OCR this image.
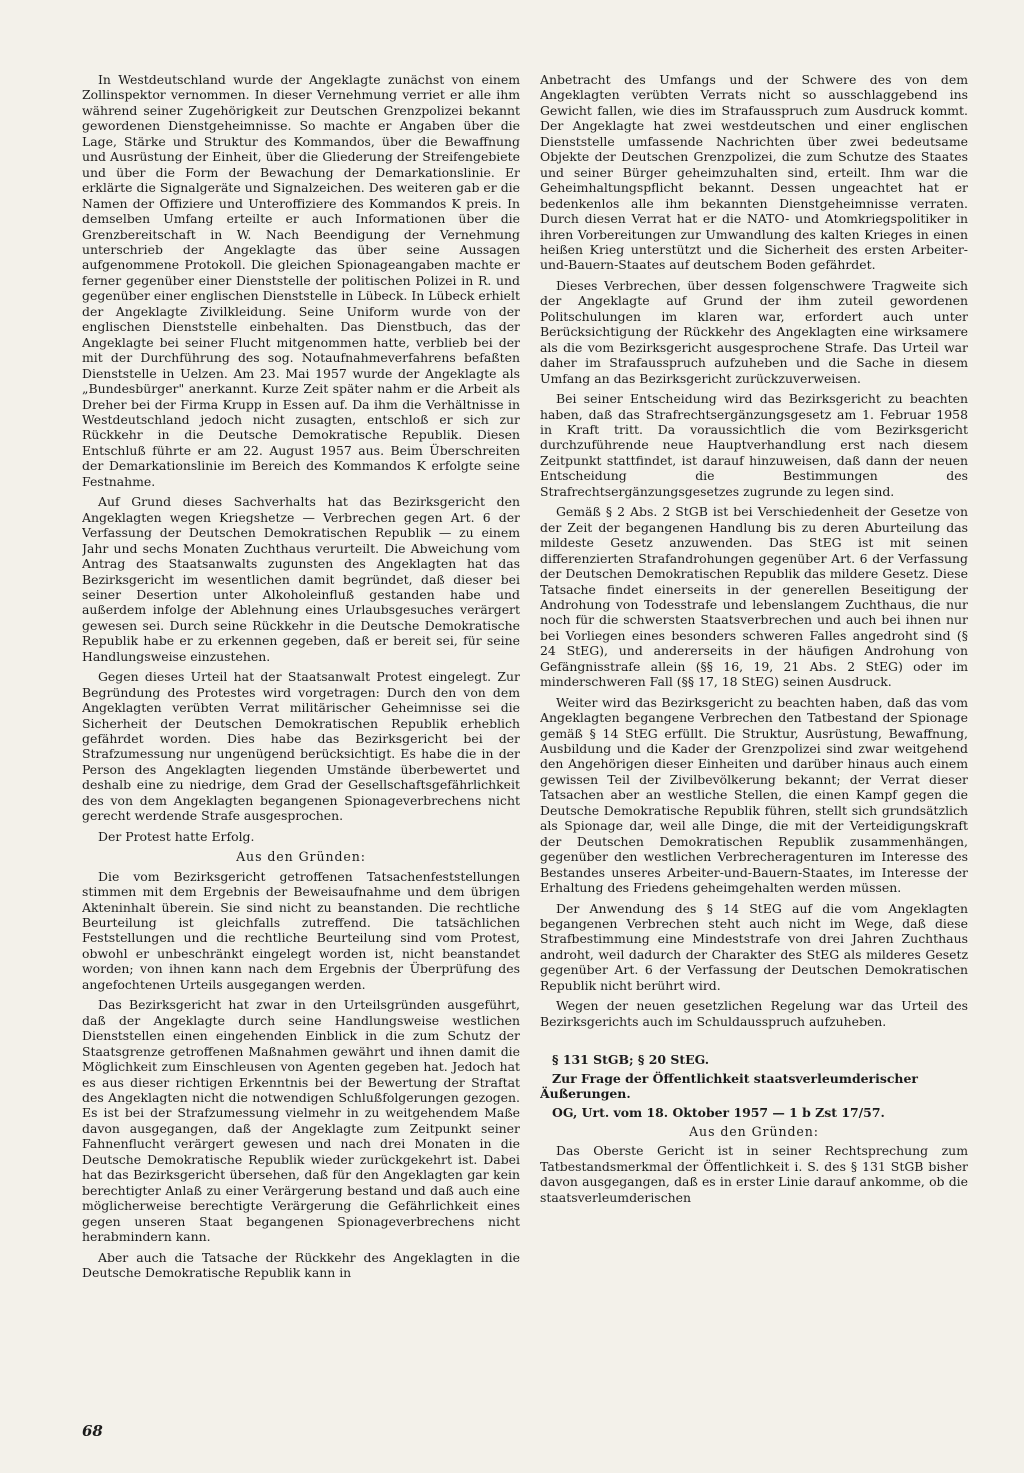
In Westdeutschland wurde der Angeklagte zunächst von einem Zollinspektor vernommen. In dieser Vernehmung verriet er alle ihm während seiner Zugehörigkeit zur Deutschen Grenzpolizei bekannt gewordenen Dienstgeheimnisse. So machte er Angaben über die Lage, Stärke und Struktur des Kommandos, über die Bewaffnung und Ausrüstung der Einheit, über die Gliederung der Streifengebiete und über die Form der Bewachung der Demarkationslinie. Er erklärte die Signalgeräte und Signalzeichen. Des weiteren gab er die Namen der Offiziere und Unteroffiziere des Kommandos K preis. In demselben Umfang erteilte er auch Informationen über die Grenzbereitschaft in W. Nach Beendigung der Vernehmung unterschrieb der Angeklagte das über seine Aussagen aufgenommene Protokoll. Die gleichen Spionageangaben machte er ferner gegenüber einer Dienststelle der politischen Polizei in R. und gegenüber einer englischen Dienststelle in Lübeck. In Lübeck erhielt der Angeklagte Zivilkleidung. Seine Uniform wurde von der englischen Dienststelle einbehalten. Das Dienstbuch, das der Angeklagte bei seiner Flucht mitgenommen hatte, verblieb bei der mit der Durchführung des sog. Notaufnahmeverfahrens befaßten Dienststelle in Uelzen. Am 23. Mai 1957 wurde der Angeklagte als „Bundesbürger" anerkannt. Kurze Zeit später nahm er die Arbeit als Dreher bei der Firma Krupp in Essen auf. Da ihm die Verhältnisse in Westdeutschland jedoch nicht zusagten, entschloß er sich zur Rückkehr in die Deutsche Demokratische Republik. Diesen Entschluß führte er am 22. August 1957 aus. Beim Überschreiten der Demarkationslinie im Bereich des Kommandos K erfolgte seine Festnahme.

Auf Grund dieses Sachverhalts hat das Bezirksgericht den Angeklagten wegen Kriegshetze — Verbrechen gegen Art. 6 der Verfassung der Deutschen Demokratischen Republik — zu einem Jahr und sechs Monaten Zuchthaus verurteilt. Die Abweichung vom Antrag des Staatsanwalts zugunsten des Angeklagten hat das Bezirksgericht im wesentlichen damit begründet, daß dieser bei seiner Desertion unter Alkoholeinfluß gestanden habe und außerdem infolge der Ablehnung eines Urlaubsgesuches verärgert gewesen sei. Durch seine Rückkehr in die Deutsche Demokratische Republik habe er zu erkennen gegeben, daß er bereit sei, für seine Handlungsweise einzustehen.

Gegen dieses Urteil hat der Staatsanwalt Protest eingelegt. Zur Begründung des Protestes wird vorgetragen: Durch den von dem Angeklagten verübten Verrat militärischer Geheimnisse sei die Sicherheit der Deutschen Demokratischen Republik erheblich gefährdet worden. Dies habe das Bezirksgericht bei der Strafzumessung nur ungenügend berücksichtigt. Es habe die in der Person des Angeklagten liegenden Umstände überbewertet und deshalb eine zu niedrige, dem Grad der Gesellschaftsgefährlichkeit des von dem Angeklagten begangenen Spionageverbrechens nicht gerecht werdende Strafe ausgesprochen.

Der Protest hatte Erfolg.

Aus den Gründen:

Die vom Bezirksgericht getroffenen Tatsachenfeststellungen stimmen mit dem Ergebnis der Beweisaufnahme und dem übrigen Akteninhalt überein. Sie sind nicht zu beanstanden. Die rechtliche Beurteilung ist gleichfalls zutreffend. Die tatsächlichen Feststellungen und die rechtliche Beurteilung sind vom Protest, obwohl er unbeschränkt eingelegt worden ist, nicht beanstandet worden; von ihnen kann nach dem Ergebnis der Überprüfung des angefochtenen Urteils ausgegangen werden.

Das Bezirksgericht hat zwar in den Urteilsgründen ausgeführt, daß der Angeklagte durch seine Handlungsweise westlichen Dienststellen einen eingehenden Einblick in die zum Schutz der Staatsgrenze getroffenen Maßnahmen gewährt und ihnen damit die Möglichkeit zum Einschleusen von Agenten gegeben hat. Jedoch hat es aus dieser richtigen Erkenntnis bei der Bewertung der Straftat des Angeklagten nicht die notwendigen Schlußfolgerungen gezogen. Es ist bei der Strafzumessung vielmehr in zu weitgehendem Maße davon ausgegangen, daß der Angeklagte zum Zeitpunkt seiner Fahnenflucht verärgert gewesen und nach drei Monaten in die Deutsche Demokratische Republik wieder zurückgekehrt ist. Dabei hat das Bezirksgericht übersehen, daß für den Angeklagten gar kein berechtigter Anlaß zu einer Verärgerung bestand und daß auch eine möglicherweise berechtigte Verärgerung die Gefährlichkeit eines gegen unseren Staat begangenen Spionageverbrechens nicht herabmindern kann.

Aber auch die Tatsache der Rückkehr des Angeklagten in die Deutsche Demokratische Republik kann in

Anbetracht des Umfangs und der Schwere des von dem Angeklagten verübten Verrats nicht so ausschlaggebend ins Gewicht fallen, wie dies im Strafausspruch zum Ausdruck kommt. Der Angeklagte hat zwei westdeutschen und einer englischen Dienststelle umfassende Nachrichten über zwei bedeutsame Objekte der Deutschen Grenzpolizei, die zum Schutze des Staates und seiner Bürger geheimzuhalten sind, erteilt. Ihm war die Geheimhaltungspflicht bekannt. Dessen ungeachtet hat er bedenkenlos alle ihm bekannten Dienstgeheimnisse verraten. Durch diesen Verrat hat er die NATO- und Atomkriegspolitiker in ihren Vorbereitungen zur Umwandlung des kalten Krieges in einen heißen Krieg unterstützt und die Sicherheit des ersten Arbeiter-und-Bauern-Staates auf deutschem Boden gefährdet.

Dieses Verbrechen, über dessen folgenschwere Tragweite sich der Angeklagte auf Grund der ihm zuteil gewordenen Politschulungen im klaren war, erfordert auch unter Berücksichtigung der Rückkehr des Angeklagten eine wirksamere als die vom Bezirksgericht ausgesprochene Strafe. Das Urteil war daher im Strafausspruch aufzuheben und die Sache in diesem Umfang an das Bezirksgericht zurückzuverweisen.

Bei seiner Entscheidung wird das Bezirksgericht zu beachten haben, daß das Strafrechtsergänzungsgesetz am 1. Februar 1958 in Kraft tritt. Da voraussichtlich die vom Bezirksgericht durchzuführende neue Hauptverhandlung erst nach diesem Zeitpunkt stattfindet, ist darauf hinzuweisen, daß dann der neuen Entscheidung die Bestimmungen des Strafrechtsergänzungsgesetzes zugrunde zu legen sind.

Gemäß § 2 Abs. 2 StGB ist bei Verschiedenheit der Gesetze von der Zeit der begangenen Handlung bis zu deren Aburteilung das mildeste Gesetz anzuwenden. Das StEG ist mit seinen differenzierten Strafandrohungen gegenüber Art. 6 der Verfassung der Deutschen Demokratischen Republik das mildere Gesetz. Diese Tatsache findet einerseits in der generellen Beseitigung der Androhung von Todesstrafe und lebenslangem Zuchthaus, die nur noch für die schwersten Staatsverbrechen und auch bei ihnen nur bei Vorliegen eines besonders schweren Falles angedroht sind (§ 24 StEG), und andererseits in der häufigen Androhung von Gefängnisstrafe allein (§§ 16, 19, 21 Abs. 2 StEG) oder im minderschweren Fall (§§ 17, 18 StEG) seinen Ausdruck.

Weiter wird das Bezirksgericht zu beachten haben, daß das vom Angeklagten begangene Verbrechen den Tatbestand der Spionage gemäß § 14 StEG erfüllt. Die Struktur, Ausrüstung, Bewaffnung, Ausbildung und die Kader der Grenzpolizei sind zwar weitgehend den Angehörigen dieser Einheiten und darüber hinaus auch einem gewissen Teil der Zivilbevölkerung bekannt; der Verrat dieser Tatsachen aber an westliche Stellen, die einen Kampf gegen die Deutsche Demokratische Republik führen, stellt sich grundsätzlich als Spionage dar, weil alle Dinge, die mit der Verteidigungskraft der Deutschen Demokratischen Republik zusammenhängen, gegenüber den westlichen Verbrecheragenturen im Interesse des Bestandes unseres Arbeiter-und-Bauern-Staates, im Interesse der Erhaltung des Friedens geheimgehalten werden müssen.

Der Anwendung des § 14 StEG auf die vom Angeklagten begangenen Verbrechen steht auch nicht im Wege, daß diese Strafbestimmung eine Mindeststrafe von drei Jahren Zuchthaus androht, weil dadurch der Charakter des StEG als milderes Gesetz gegenüber Art. 6 der Verfassung der Deutschen Demokratischen Republik nicht berührt wird.

Wegen der neuen gesetzlichen Regelung war das Urteil des Bezirksgerichts auch im Schuldausspruch aufzuheben.

§ 131 StGB; § 20 StEG.

Zur Frage der Öffentlichkeit staatsverleumderischer Äußerungen.

OG, Urt. vom 18. Oktober 1957 — 1 b Zst 17/57.

Aus den Gründen:

Das Oberste Gericht ist in seiner Rechtsprechung zum Tatbestandsmerkmal der Öffentlichkeit i. S. des § 131 StGB bisher davon ausgegangen, daß es in erster Linie darauf ankomme, ob die staatsverleumderischen

68
